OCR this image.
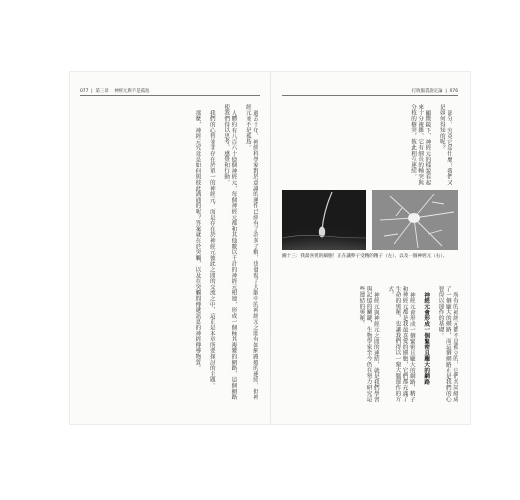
077  |  第三章 神經元與不是孤島

過去十年，神經科學家對於意識的運作已經有了許多了解，也發現了大腦中的神經元之間有如網路般的連結，但神經元並不是孤島。

人體約有八百六十億個神經元，每個神經元都和其他數以千計的神經元相連，形成一個極其複雜的網路，這個網路使我們得以思考、感覺和行動。

我們的心智並非存在於單一的神經元，而是存在於神經元彼此之間的交流之中，這正是本章所要探討的主題。

那麼，神經元究竟是如何與彼此溝通的呢？答案就在於突觸，以及在突觸間傳遞訊息的神經傳導物質。

打敗腦袋說定論  |  076

部分，究竟它是什麼？我們又是如何得知的呢？

顯微鏡下，神經元的樣貌看起來十分複雜，它有細長的軸突與分枝的樹突，彼此相互連結。

圖十三：我最喜愛的細胞！正在讓卵子受精的精子（左），以及一個神經元（右）。

所有的神經元都不是孤立的，它們共同組成了一個龐大的網路，而這個網路正是我們的心智得以運作的基礎。

神經元會形成一個緊密且龐大的網路

神經元會形成一個緊密且龐大的網路，精子和神經元都是我最喜愛的細胞，它們都充滿了生命的奧秘，也讓我們得以一窺大腦運作的方式。

神經元與神經元之間的連結，就是我們學習與記憶的關鍵，生物學家至今仍在努力研究這些連結的奧秘。
